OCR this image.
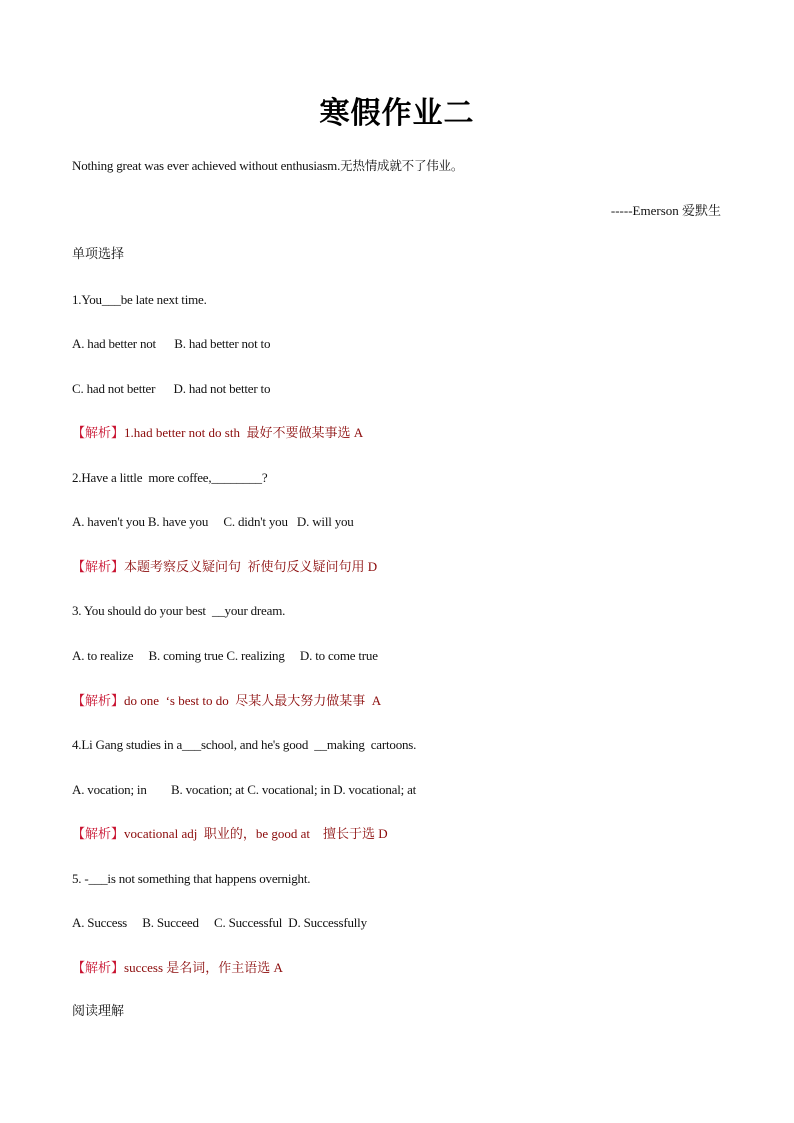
寒假作业二
Nothing great was ever achieved without enthusiasm.无热情成就不了伟业。
-----Emerson 爱默生
单项选择
1.You___be late next time.
A. had better not      B. had better not to
C. had not better      D. had not better to
【解析】1.had better not do sth  最好不要做某事选 A
2.Have a little  more coffee,________?
A. haven't you B. have you     C. didn't you   D. will you
【解析】本题考察反义疑问句  祈使句反义疑问句用 D
3. You should do your best  __your dream.
A. to realize     B. coming true C. realizing     D. to come true
【解析】do one  ‘s best to do  尽某人最大努力做某事  A
4.Li Gang studies in a___school, and he's good  __making  cartoons.
A. vocation; in        B. vocation; at C. vocational; in D. vocational; at
【解析】vocational adj  职业的，be good at    擅长于选 D
5. -___is not something that happens overnight.
A. Success     B. Succeed     C. Successful  D. Successfully
【解析】success 是名词，作主语选 A
阅读理解
